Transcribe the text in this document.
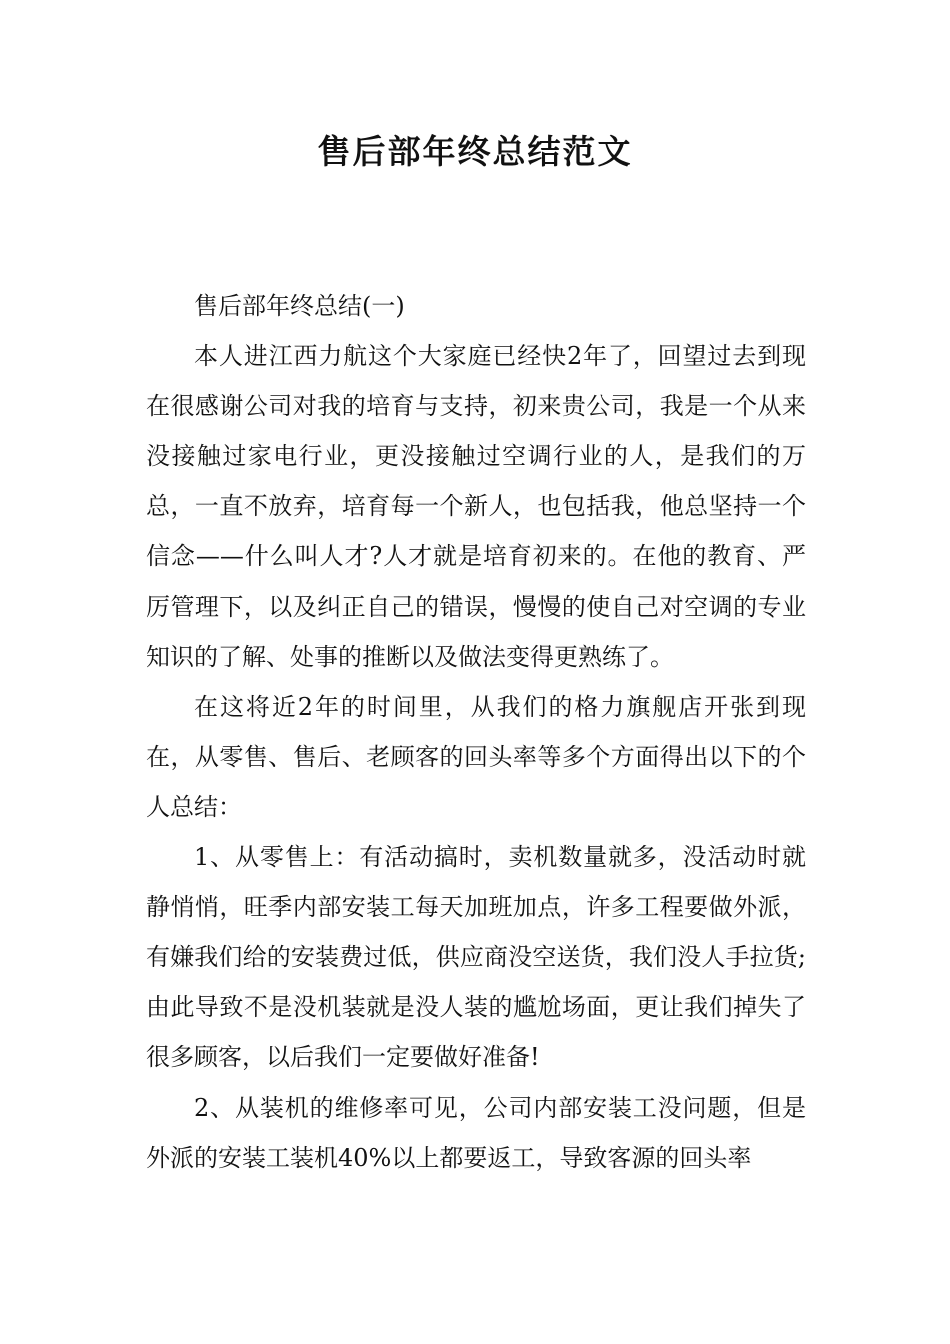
售后部年终总结范文

售后部年终总结(一)

本人进江西力航这个大家庭已经快2年了，回望过去到现在很感谢公司对我的培育与支持，初来贵公司，我是一个从来没接触过家电行业，更没接触过空调行业的人，是我们的万总，一直不放弃，培育每一个新人，也包括我，他总坚持一个信念——什么叫人才?人才就是培育初来的。在他的教育、严厉管理下，以及纠正自己的错误，慢慢的使自己对空调的专业知识的了解、处事的推断以及做法变得更熟练了。

在这将近2年的时间里，从我们的格力旗舰店开张到现在，从零售、售后、老顾客的回头率等多个方面得出以下的个人总结：

1、从零售上：有活动搞时，卖机数量就多，没活动时就静悄悄，旺季内部安装工每天加班加点，许多工程要做外派，有嫌我们给的安装费过低，供应商没空送货，我们没人手拉货;由此导致不是没机装就是没人装的尴尬场面，更让我们掉失了很多顾客，以后我们一定要做好准备!

2、从装机的维修率可见，公司内部安装工没问题，但是外派的安装工装机40%以上都要返工，导致客源的回头率
